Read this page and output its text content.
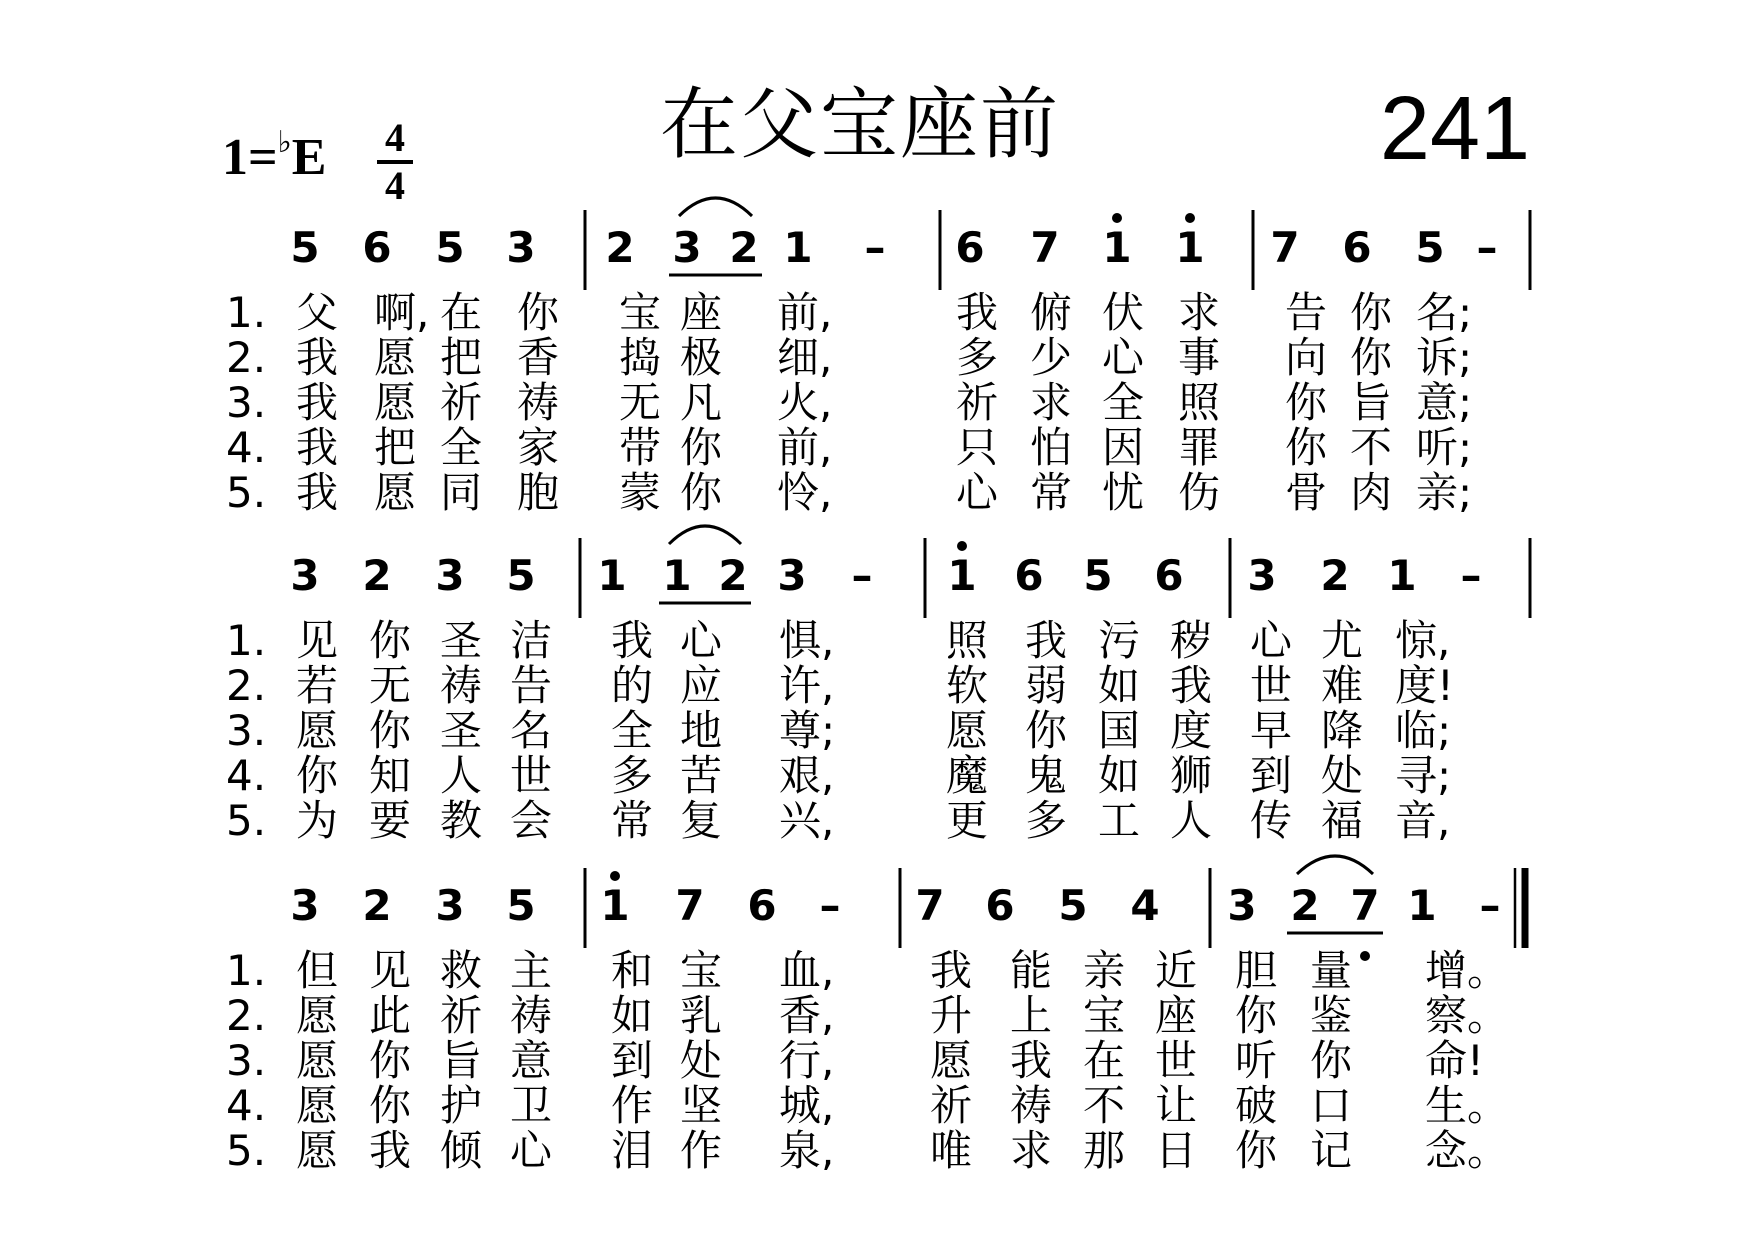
在父宝座前	241
1=♭E 4
4
5 6 5 3 2 3 2 1 – 6 7 1 1 7 6 5 –
1. 父 啊, 在 你 宝 座 前,	我 俯 伏 求 告 你 名;
2. 我 愿 把 香 捣 极 细,	多 少 心 事 向 你 诉;
3. 我 愿 祈 祷 无 凡 火,	祈 求 全 照 你 旨 意;
4. 我 把 全 家 带 你 前,	只 怕 因 罪 你 不 听;
5. 我 愿 同 胞 蒙 你 怜,	心 常 忧 伤 骨 肉 亲;
3 2 3 5 1 1 2 3 – 1 6 5 6 3 2 1 –
1. 见 你 圣 洁 我 心 惧,	照 我 污 秽 心 尤 惊,
2. 若 无 祷 告 的 应 许,	软 弱 如 我 世 难 度!
3. 愿 你 圣 名 全 地 尊;	愿 你 国 度 早 降 临;
4. 你 知 人 世 多 苦 艰,	魔 鬼 如 狮 到 处 寻;
5. 为 要 教 会 常 复 兴,	更 多 工 人 传 福 音,
3 2 3 5 1 7 6 – 7 6 5 4 3 2 7 1 –
1. 但 见 救 主 和 宝 血, 我 能 亲 近 胆 量 增。
2. 愿 此 祈 祷 如 乳 香, 升 上 宝 座 你 鉴 察。
3. 愿 你 旨 意 到 处 行, 愿 我 在 世 听 你 命!
4. 愿 你 护 卫 作 坚 城, 祈 祷 不 让 破 口 生。
5. 愿 我 倾 心 泪 作 泉, 唯 求 那 日 你 记 念。
